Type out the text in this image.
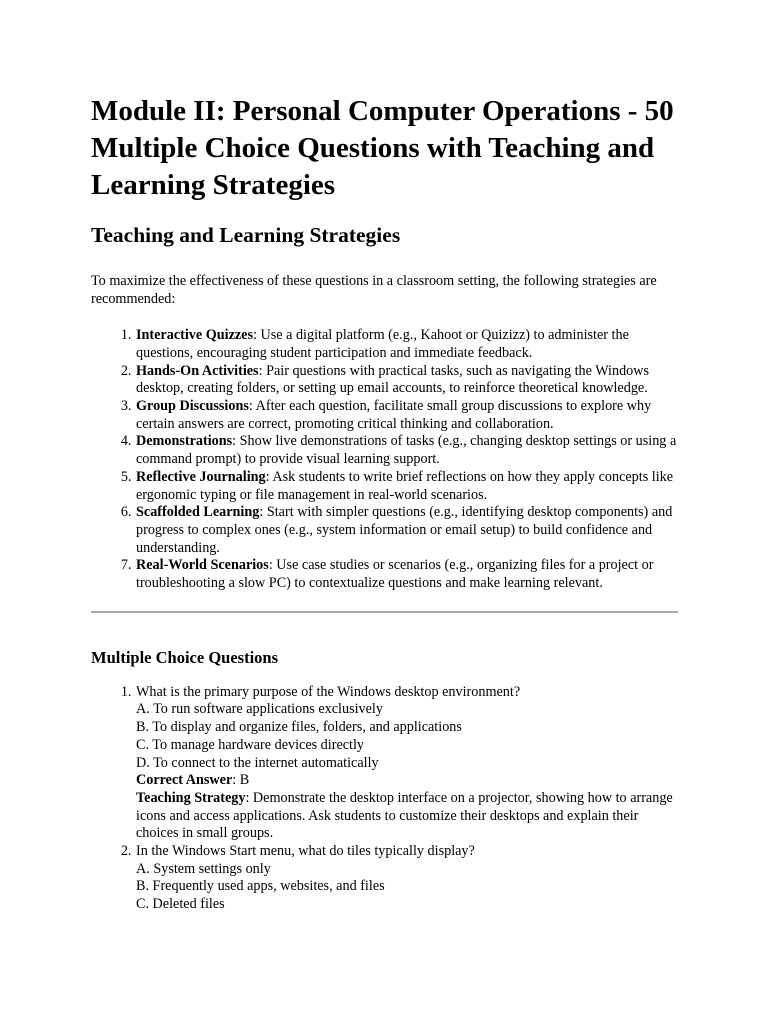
Module II: Personal Computer Operations - 50 Multiple Choice Questions with Teaching and Learning Strategies
Teaching and Learning Strategies

To maximize the effectiveness of these questions in a classroom setting, the following strategies are recommended:

1. Interactive Quizzes: Use a digital platform (e.g., Kahoot or Quizizz) to administer the questions, encouraging student participation and immediate feedback.
2. Hands-On Activities: Pair questions with practical tasks, such as navigating the Windows desktop, creating folders, or setting up email accounts, to reinforce theoretical knowledge.
3. Group Discussions: After each question, facilitate small group discussions to explore why certain answers are correct, promoting critical thinking and collaboration.
4. Demonstrations: Show live demonstrations of tasks (e.g., changing desktop settings or using a command prompt) to provide visual learning support.
5. Reflective Journaling: Ask students to write brief reflections on how they apply concepts like ergonomic typing or file management in real-world scenarios.
6. Scaffolded Learning: Start with simpler questions (e.g., identifying desktop components) and progress to complex ones (e.g., system information or email setup) to build confidence and understanding.
7. Real-World Scenarios: Use case studies or scenarios (e.g., organizing files for a project or troubleshooting a slow PC) to contextualize questions and make learning relevant.
Multiple Choice Questions
1. What is the primary purpose of the Windows desktop environment?
A. To run software applications exclusively
B. To display and organize files, folders, and applications
C. To manage hardware devices directly
D. To connect to the internet automatically
Correct Answer: B
Teaching Strategy: Demonstrate the desktop interface on a projector, showing how to arrange icons and access applications. Ask students to customize their desktops and explain their choices in small groups.
2. In the Windows Start menu, what do tiles typically display?
A. System settings only
B. Frequently used apps, websites, and files
C. Deleted files
